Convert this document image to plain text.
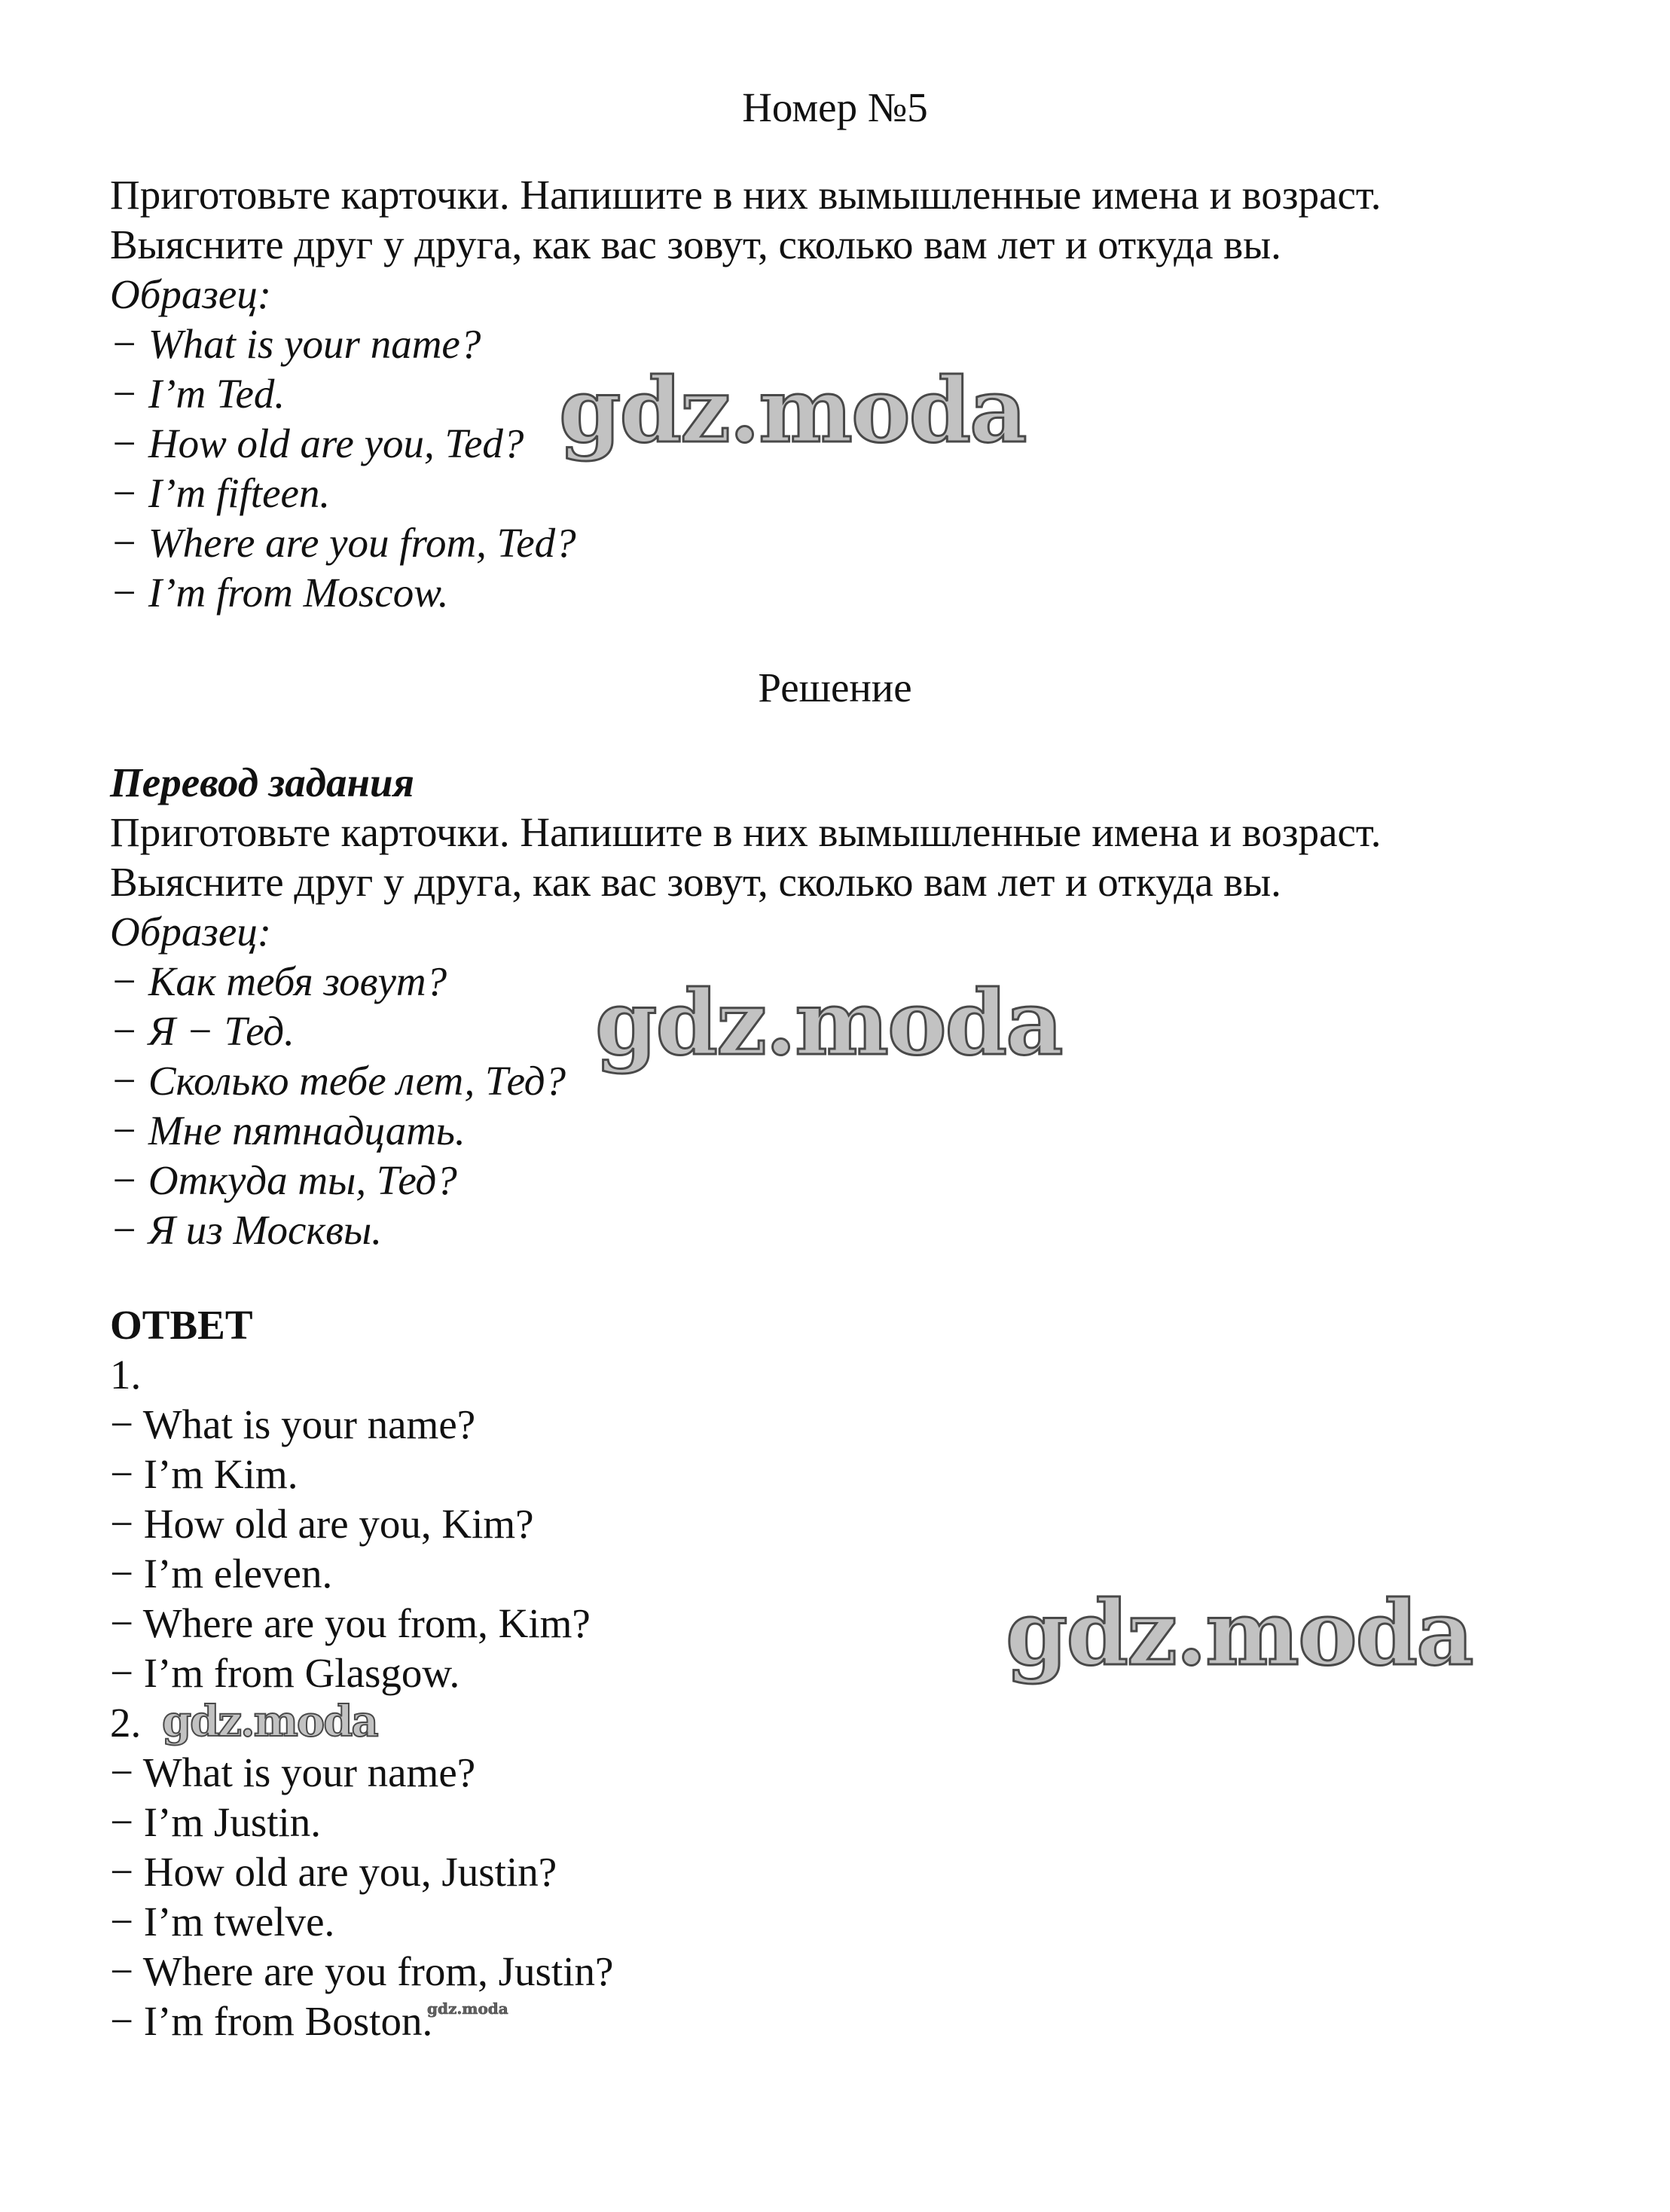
Номер №5
Приготовьте карточки. Напишите в них вымышленные имена и возраст.
Выясните друг у друга, как вас зовут, сколько вам лет и откуда вы.
Образец:
− What is your name?
− I’m Ted.
− How old are you, Ted?
− I’m fifteen.
− Where are you from, Ted?
− I’m from Moscow.
Решение
Перевод задания
Приготовьте карточки. Напишите в них вымышленные имена и возраст.
Выясните друг у друга, как вас зовут, сколько вам лет и откуда вы.
Образец:
− Как тебя зовут?
− Я − Тед.
− Сколько тебе лет, Тед?
− Мне пятнадцать.
− Откуда ты, Тед?
− Я из Москвы.
ОТВЕТ
1.
− What is your name?
− I’m Kim.
− How old are you, Kim?
− I’m eleven.
− Where are you from, Kim?
− I’m from Glasgow.
2.
− What is your name?
− I’m Justin.
− How old are you, Justin?
− I’m twelve.
− Where are you from, Justin?
− I’m from Boston.
gdz.moda
gdz.moda
gdz.moda
gdz.moda
gdz.moda
